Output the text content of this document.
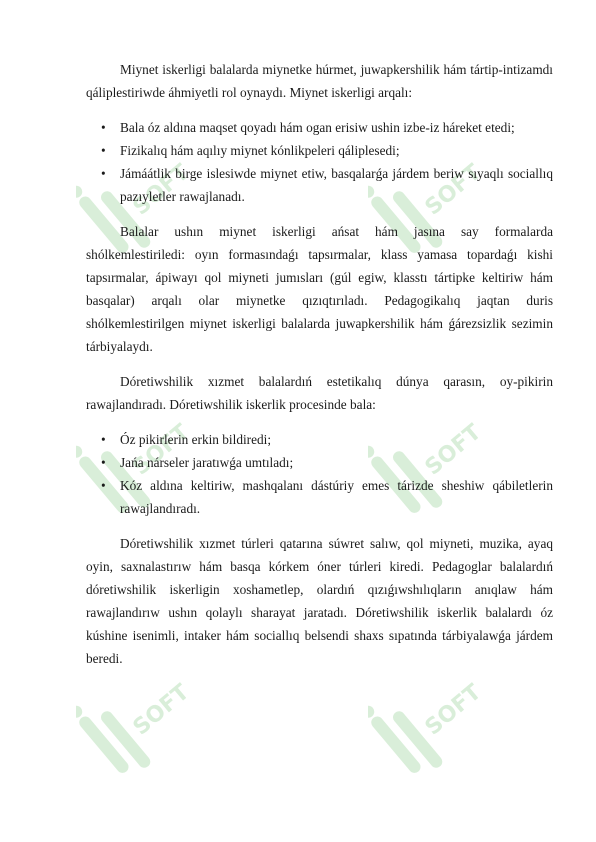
SOFT	SOFT
SOFT	SOFT
SOFT	SOFT

Miynet iskerligi balalarda miynetke húrmet, juwapkershilik hám tártip-intizamdı qáliplestiriwde áhmiyetli rol oynaydı. Miynet iskerligi arqalı:

• Bala óz aldına maqset qoyadı hám ogan erisiw ushin izbe-iz háreket etedi;
• Fizikalıq hám aqılıy miynet kónlikpeleri qáliplesedi;
• Jámáátlik birge islesiwde miynet etiw, basqalarǵa járdem beriw sıyaqlı sociallıq pazıyletler rawajlanadı.

Balalar ushın miynet iskerligi ańsat hám jasına say formalarda shólkemlestiriledi: oyın formasındaǵı tapsırmalar, klass yamasa topardaǵı kishi tapsırmalar, ápiwayı qol miyneti jumısları (gúl egiw, klasstı tártipke keltiriw hám basqalar) arqalı olar miynetke qızıqtırıladı. Pedagogikalıq jaqtan duris shólkemlestirilgen miynet iskerligi balalarda juwapkershilik hám ǵárezsizlik sezimin tárbiyalaydı.

Dóretiwshilik xızmet balalardıń estetikalıq dúnya qarasın, oy-pikirin rawajlandıradı. Dóretiwshilik iskerlik procesinde bala:

• Óz pikirlerin erkin bildiredi;
• Jańa nárseler jaratıwǵa umtıladı;
• Kóz aldına keltiriw, mashqalanı dástúriy emes tárizde sheshiw qábiletlerin rawajlandıradı.

Dóretiwshilik xızmet túrleri qatarına súwret salıw, qol miyneti, muzika, ayaq oyin, saxnalastırıw hám basqa kórkem óner túrleri kiredi. Pedagoglar balalardıń dóretiwshilik iskerligin xoshametlep, olardıń qızıǵıwshılıqların anıqlaw hám rawajlandırıw ushın qolaylı sharayat jaratadı. Dóretiwshilik iskerlik balalardı óz kúshine isenimli, intaker hám sociallıq belsendi shaxs sıpatında tárbiyalawǵa járdem beredi.
